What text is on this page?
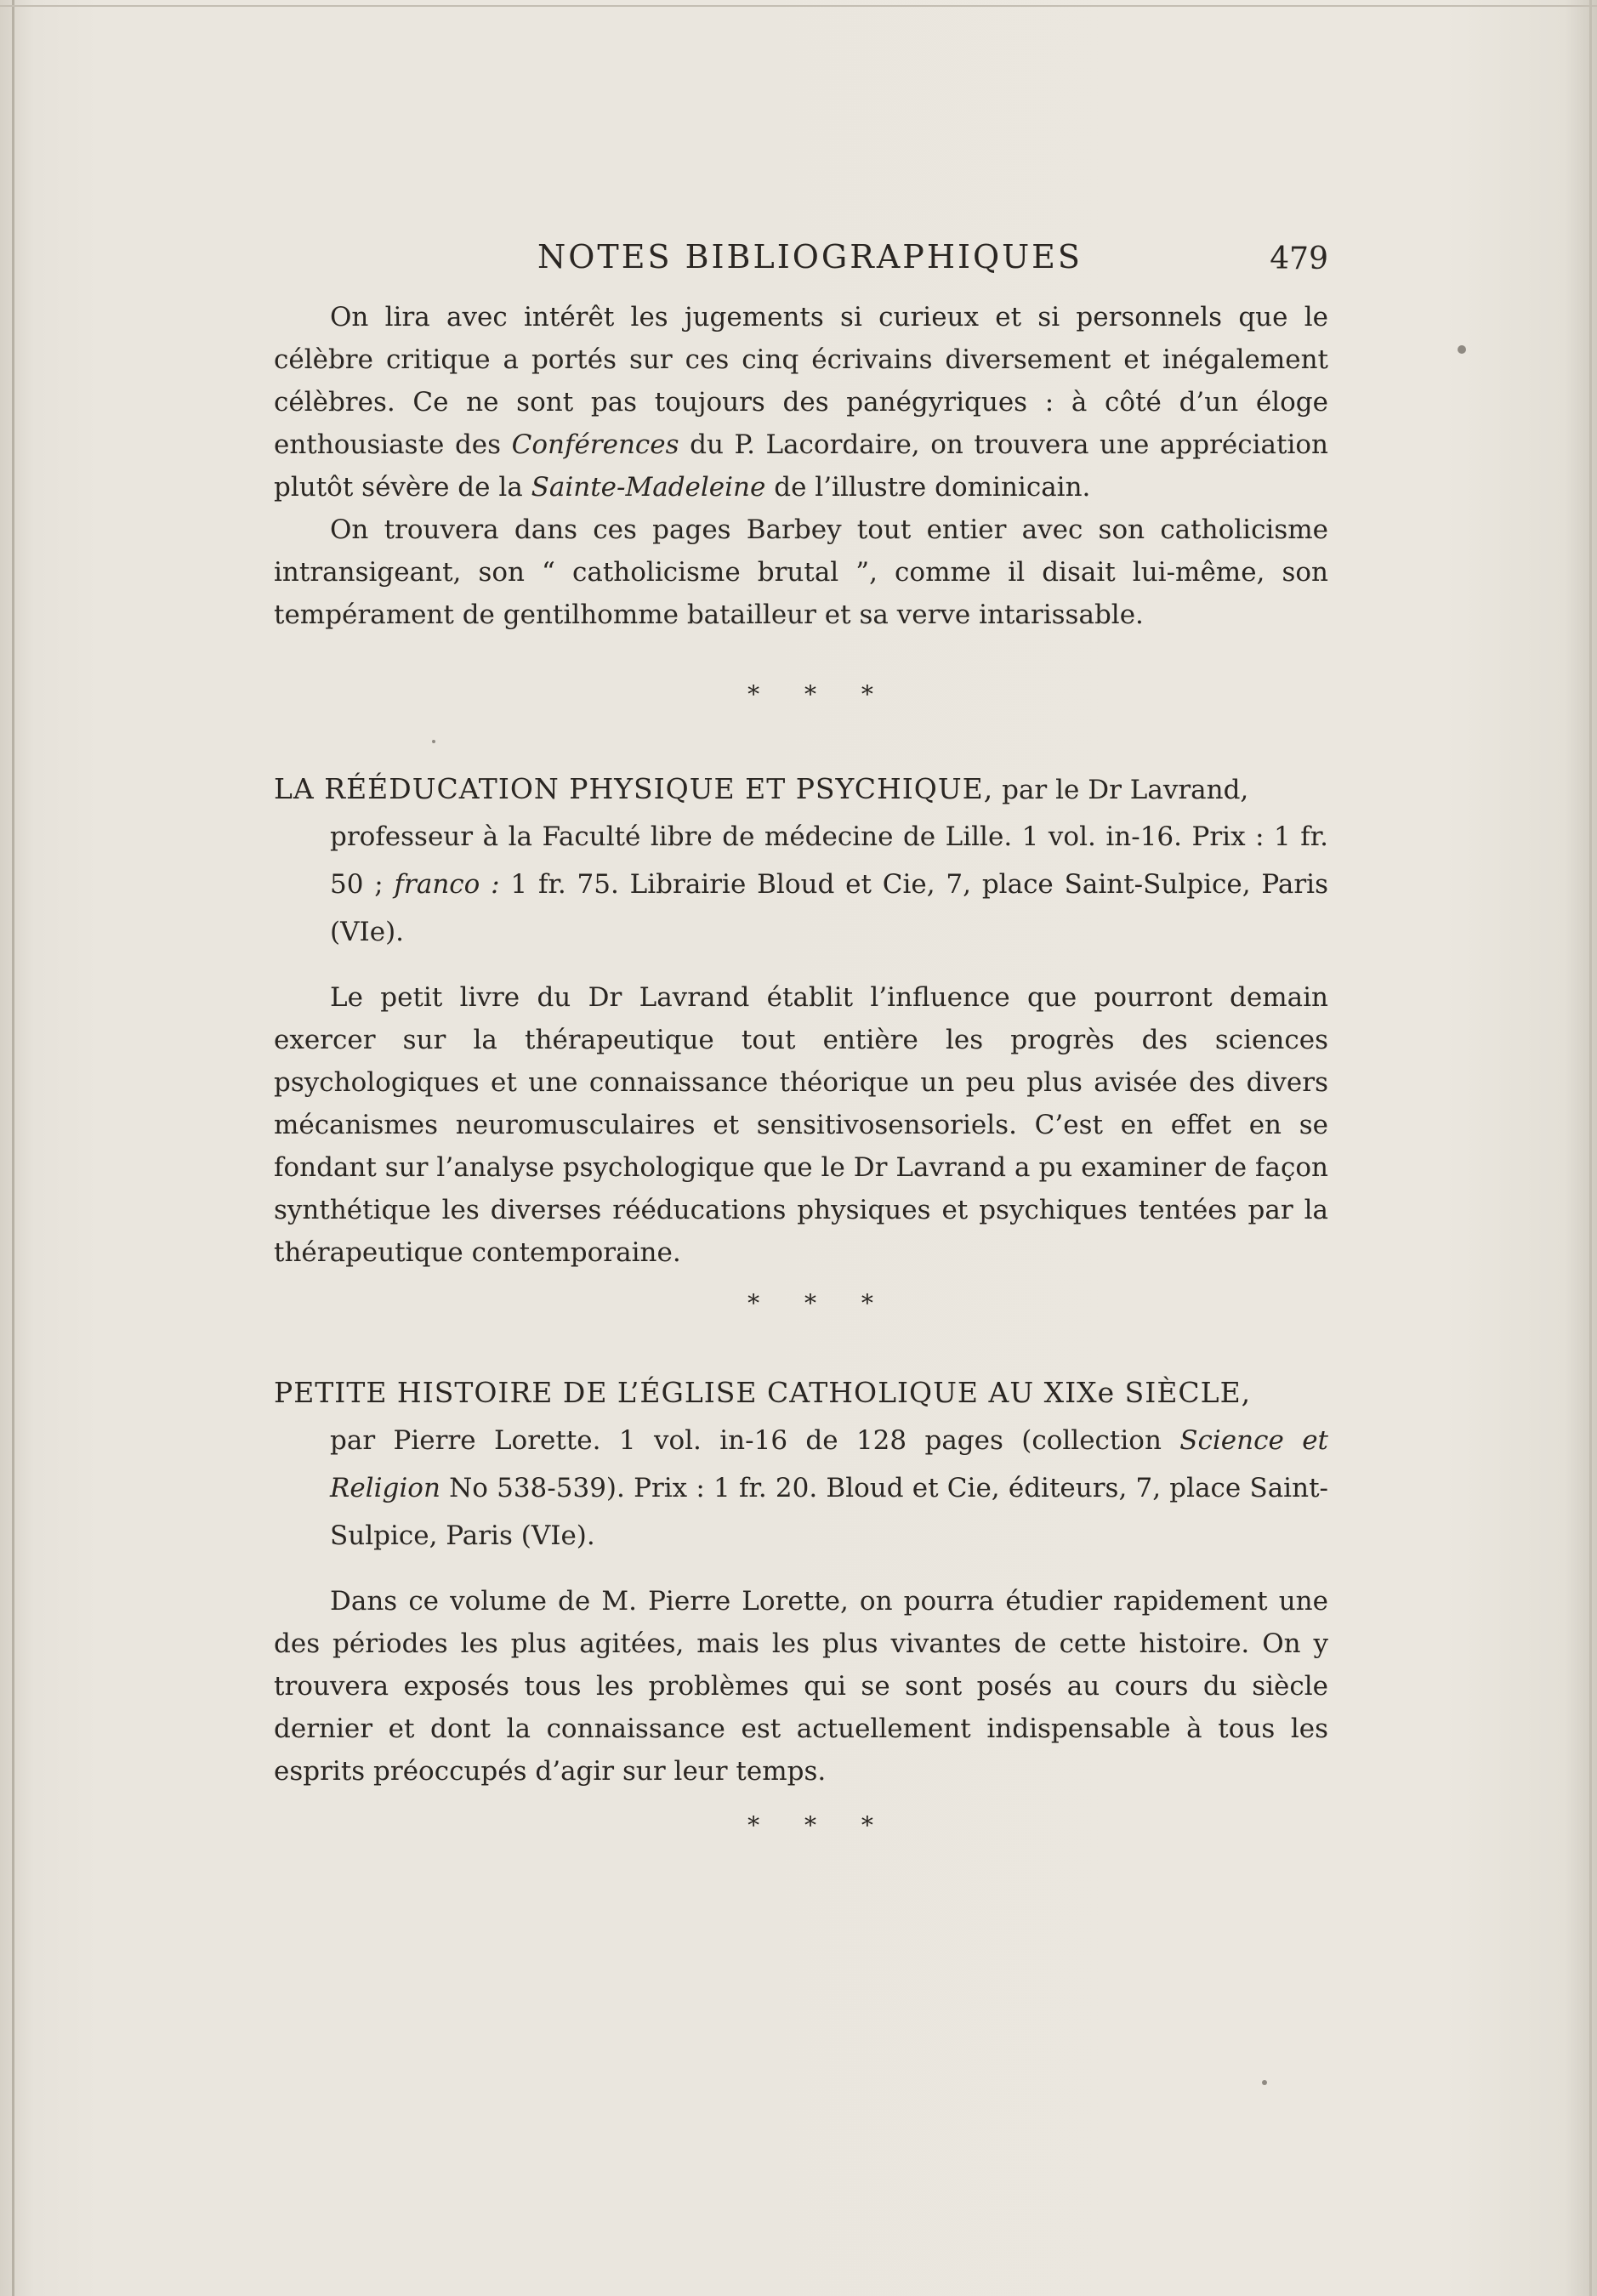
NOTES BIBLIOGRAPHIQUES	479

On lira avec intérêt les jugements si curieux et si personnels que le célèbre critique a portés sur ces cinq écrivains diversement et inégalement célèbres. Ce ne sont pas toujours des panégyriques : à côté d’un éloge enthousiaste des Conférences du P. Lacordaire, on trouvera une appréciation plutôt sévère de la Sainte-Madeleine de l’illustre dominicain.

On trouvera dans ces pages Barbey tout entier avec son catholicisme intransigeant, son “ catholicisme brutal ”, comme il disait lui-même, son tempérament de gentilhomme batailleur et sa verve intarissable.

* * *

LA RÉÉDUCATION PHYSIQUE ET PSYCHIQUE, par le Dr Lavrand,

professeur à la Faculté libre de médecine de Lille. 1 vol. in-16. Prix : 1 fr. 50 ; franco : 1 fr. 75. Librairie Bloud et Cie, 7, place Saint-Sulpice, Paris (VIe).

Le petit livre du Dr Lavrand établit l’influence que pourront demain exercer sur la thérapeutique tout entière les progrès des sciences psychologiques et une connaissance théorique un peu plus avisée des divers mécanismes neuromusculaires et sensitivosensoriels. C’est en effet en se fondant sur l’analyse psychologique que le Dr Lavrand a pu examiner de façon synthétique les diverses rééducations physiques et psychiques tentées par la thérapeutique contemporaine.

* * *

PETITE HISTOIRE DE L’ÉGLISE CATHOLIQUE AU XIXe SIÈCLE,

par Pierre Lorette. 1 vol. in-16 de 128 pages (collection Science et Religion No 538-539). Prix : 1 fr. 20. Bloud et Cie, éditeurs, 7, place Saint-Sulpice, Paris (VIe).

Dans ce volume de M. Pierre Lorette, on pourra étudier rapidement une des périodes les plus agitées, mais les plus vivantes de cette histoire. On y trouvera exposés tous les problèmes qui se sont posés au cours du siècle dernier et dont la connaissance est actuellement indispensable à tous les esprits préoccupés d’agir sur leur temps.

* * *
